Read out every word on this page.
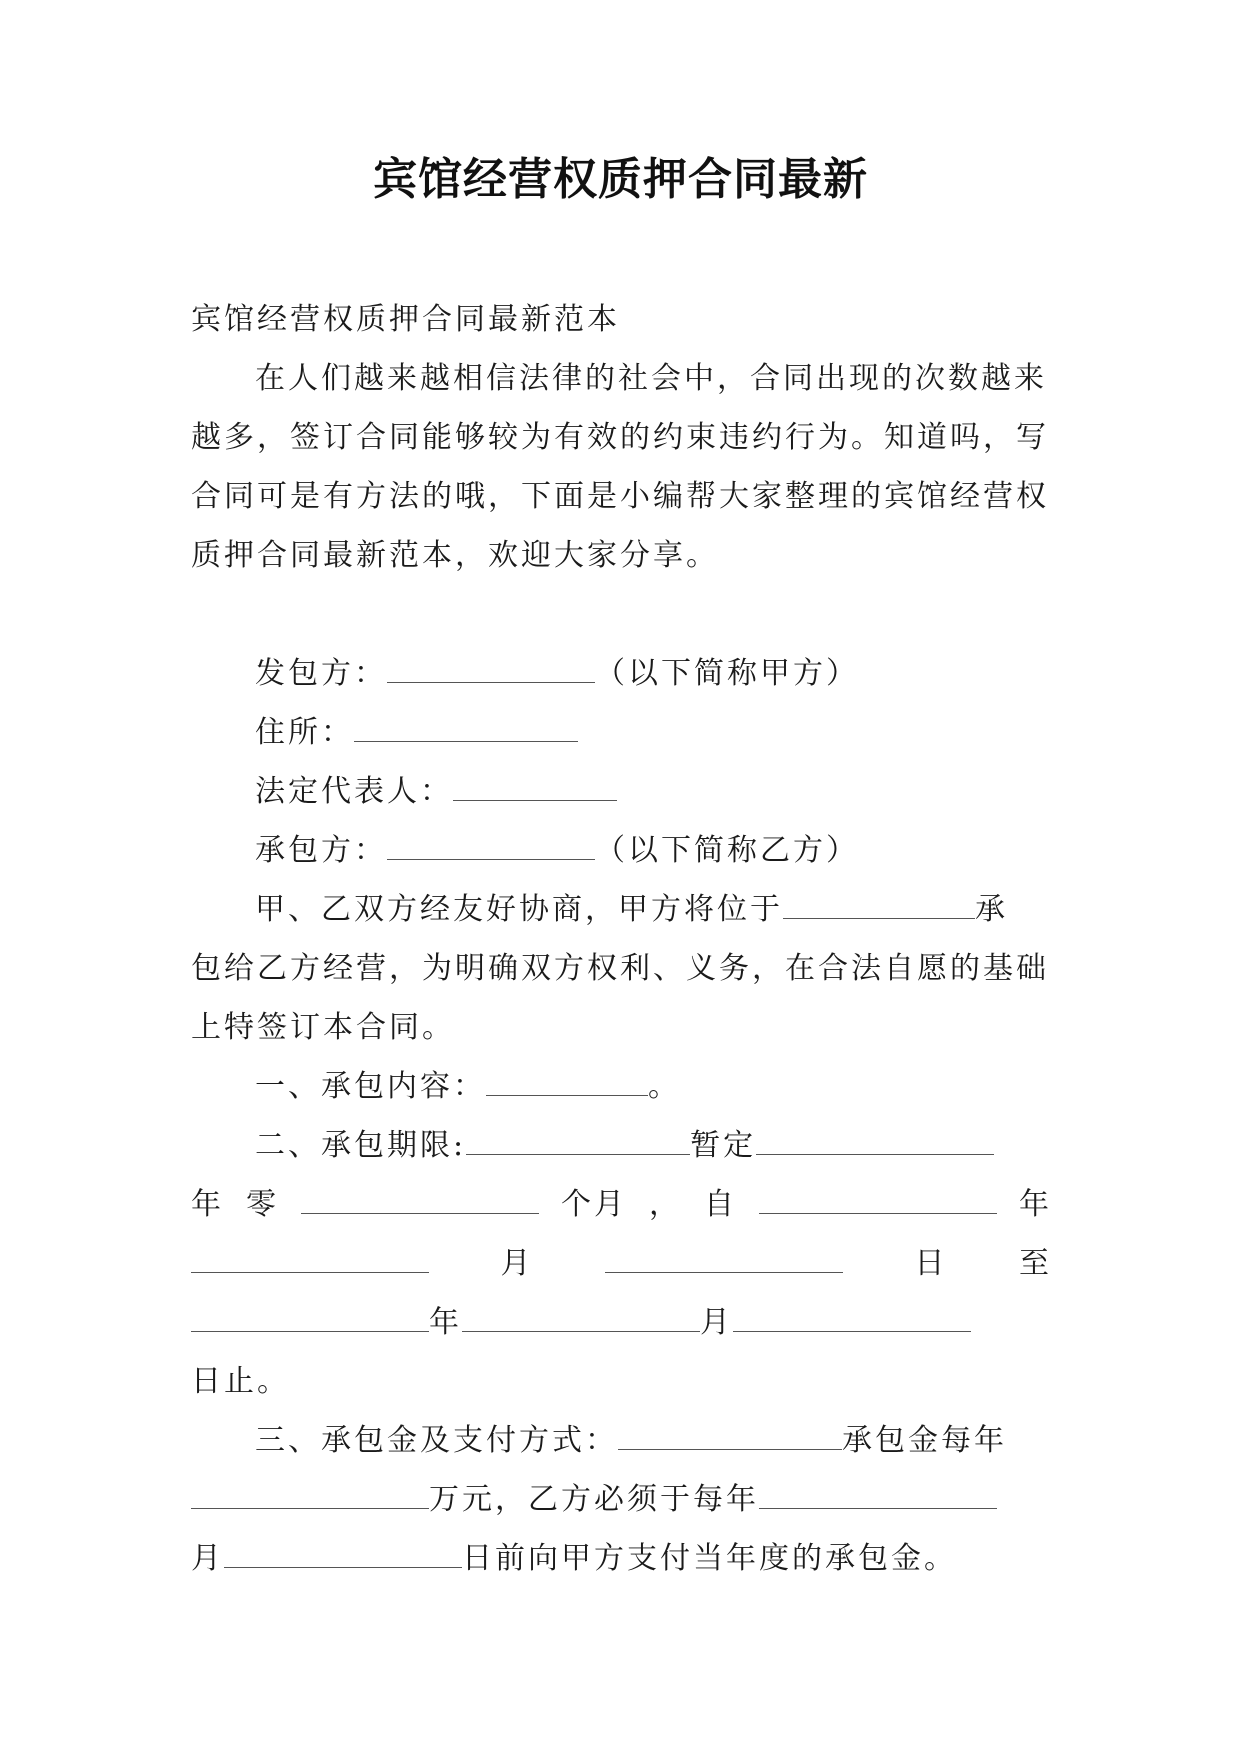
宾馆经营权质押合同最新
宾馆经营权质押合同最新范本
在人们越来越相信法律的社会中，合同出现的次数越来
越多，签订合同能够较为有效的约束违约行为。知道吗，写
合同可是有方法的哦，下面是小编帮大家整理的宾馆经营权
质押合同最新范本，欢迎大家分享。
发包方：	（以下简称甲方）
住所：
法定代表人：
承包方：	（以下简称乙方）
甲、乙双方经友好协商，甲方将位于	承
包给乙方经营，为明确双方权利、义务，在合法自愿的基础
上特签订本合同。
一、承包内容：	。
二、承包期限:	暂定
年 零	个月 ， 自	年
月	日 至
年	月
日止。
三、承包金及支付方式：	承包金每年
万元，乙方必须于每年
月	日前向甲方支付当年度的承包金。
